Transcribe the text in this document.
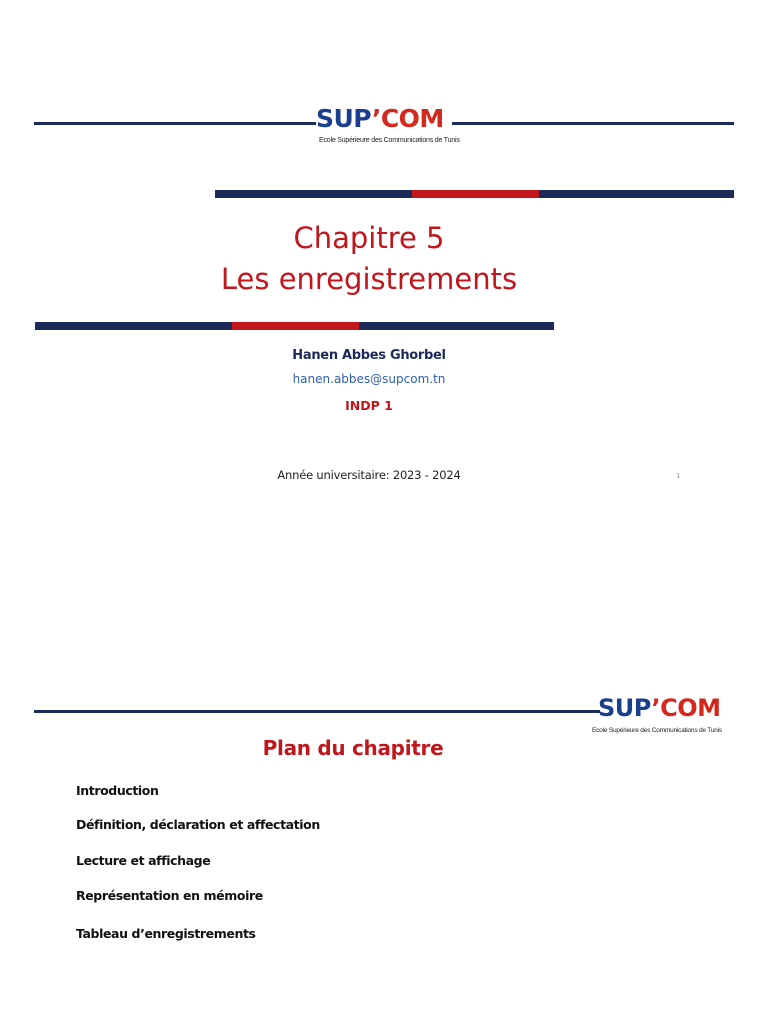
SUP’COM
Ecole Supérieure des Communications de Tunis
Chapitre 5
Les enregistrements
Hanen Abbes Ghorbel
hanen.abbes@supcom.tn
INDP 1
Année universitaire: 2023 - 2024	1
SUP’COM
Ecole Supérieure des Communications de Tunis
Plan du chapitre
Introduction
Définition, déclaration et affectation
Lecture et affichage
Représentation en mémoire
Tableau d’enregistrements
